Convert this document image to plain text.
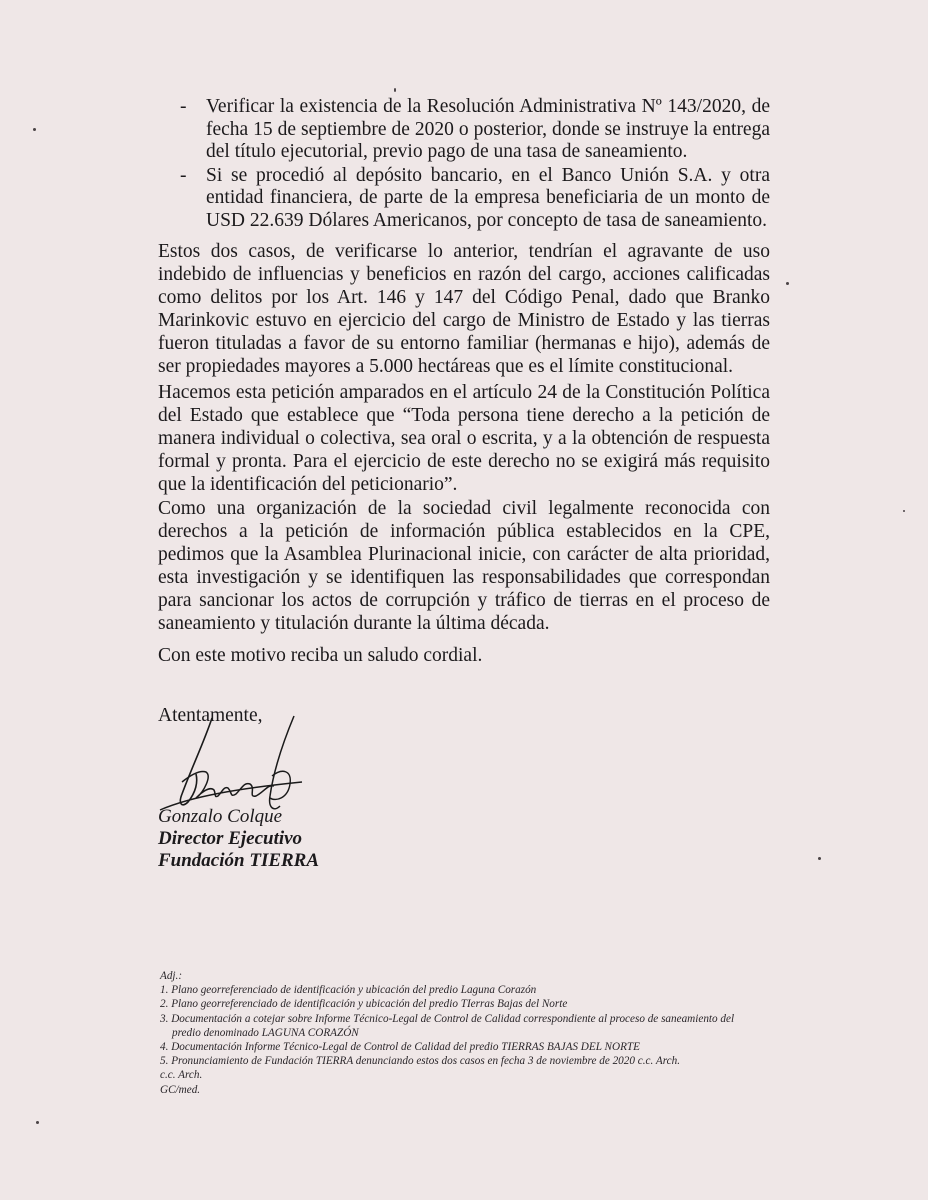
- Verificar la existencia de la Resolución Administrativa Nº 143/2020, de fecha 15 de septiembre de 2020 o posterior, donde se instruye la entrega del título ejecutorial, previo pago de una tasa de saneamiento.
- Si se procedió al depósito bancario, en el Banco Unión S.A. y otra entidad financiera, de parte de la empresa beneficiaria de un monto de USD 22.639 Dólares Americanos, por concepto de tasa de saneamiento.

Estos dos casos, de verificarse lo anterior, tendrían el agravante de uso indebido de influencias y beneficios en razón del cargo, acciones calificadas como delitos por los Art. 146 y 147 del Código Penal, dado que Branko Marinkovic estuvo en ejercicio del cargo de Ministro de Estado y las tierras fueron tituladas a favor de su entorno familiar (hermanas e hijo), además de ser propiedades mayores a 5.000 hectáreas que es el límite constitucional.

Hacemos esta petición amparados en el artículo 24 de la Constitución Política del Estado que establece que “Toda persona tiene derecho a la petición de manera individual o colectiva, sea oral o escrita, y a la obtención de respuesta formal y pronta. Para el ejercicio de este derecho no se exigirá más requisito que la identificación del peticionario”.

Como una organización de la sociedad civil legalmente reconocida con derechos a la petición de información pública establecidos en la CPE, pedimos que la Asamblea Plurinacional inicie, con carácter de alta prioridad, esta investigación y se identifiquen las responsabilidades que correspondan para sancionar los actos de corrupción y tráfico de tierras en el proceso de saneamiento y titulación durante la última década.

Con este motivo reciba un saludo cordial.

Atentamente,
Gonzalo Colque
Director Ejecutivo
Fundación TIERRA
Adj.:
1. Plano georreferenciado de identificación y ubicación del predio Laguna Corazón
2. Plano georreferenciado de identificación y ubicación del predio TIerras Bajas del Norte
3. Documentación a cotejar sobre Informe Técnico-Legal de Control de Calidad correspondiente al proceso de saneamiento del
predio denominado LAGUNA CORAZÓN
4. Documentación Informe Técnico-Legal de Control de Calidad del predio TIERRAS BAJAS DEL NORTE
5. Pronunciamiento de Fundación TIERRA denunciando estos dos casos en fecha 3 de noviembre de 2020 c.c. Arch.
c.c. Arch.
GC/med.
